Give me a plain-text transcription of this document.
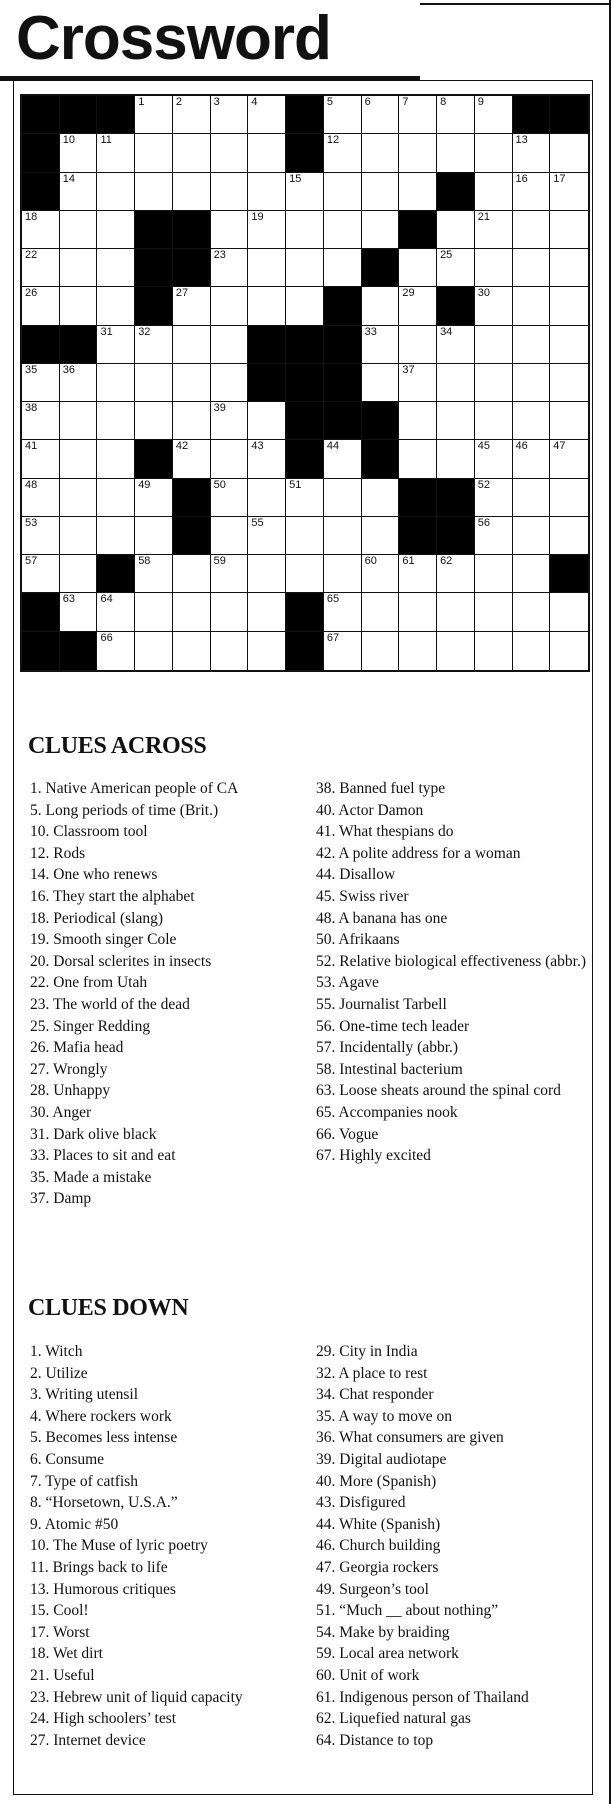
Crossword
1	2	3	4	5	6	7	8	9
10 11	12	13
14	15	16 17
18	19	21
22	23	25
26	27	29	30
31 32	33	34
35 36	37
38	39
41	42	43	44	45 46 47
48	49	50	51	52
53	55	56
57	58	59	60 61 62
63 64	65
66	67
CLUES ACROSS
1. Native American people of CA
5. Long periods of time (Brit.)
10. Classroom tool
12. Rods
14. One who renews
16. They start the alphabet
18. Periodical (slang)
19. Smooth singer Cole
20. Dorsal sclerites in insects
22. One from Utah
23. The world of the dead
25. Singer Redding
26. Mafia head
27. Wrongly
28. Unhappy
30. Anger
31. Dark olive black
33. Places to sit and eat
35. Made a mistake
37. Damp
38. Banned fuel type
40. Actor Damon
41. What thespians do
42. A polite address for a woman
44. Disallow
45. Swiss river
48. A banana has one
50. Afrikaans
52. Relative biological effectiveness (abbr.)
53. Agave
55. Journalist Tarbell
56. One-time tech leader
57. Incidentally (abbr.)
58. Intestinal bacterium
63. Loose sheats around the spinal cord
65. Accompanies nook
66. Vogue
67. Highly excited
CLUES DOWN
1. Witch
2. Utilize
3. Writing utensil
4. Where rockers work
5. Becomes less intense
6. Consume
7. Type of catfish
8. “Horsetown, U.S.A.”
9. Atomic #50
10. The Muse of lyric poetry
11. Brings back to life
13. Humorous critiques
15. Cool!
17. Worst
18. Wet dirt
21. Useful
23. Hebrew unit of liquid capacity
24. High schoolers’ test
27. Internet device
29. City in India
32. A place to rest
34. Chat responder
35. A way to move on
36. What consumers are given
39. Digital audiotape
40. More (Spanish)
43. Disfigured
44. White (Spanish)
46. Church building
47. Georgia rockers
49. Surgeon’s tool
51. “Much __ about nothing”
54. Make by braiding
59. Local area network
60. Unit of work
61. Indigenous person of Thailand
62. Liquefied natural gas
64. Distance to top
